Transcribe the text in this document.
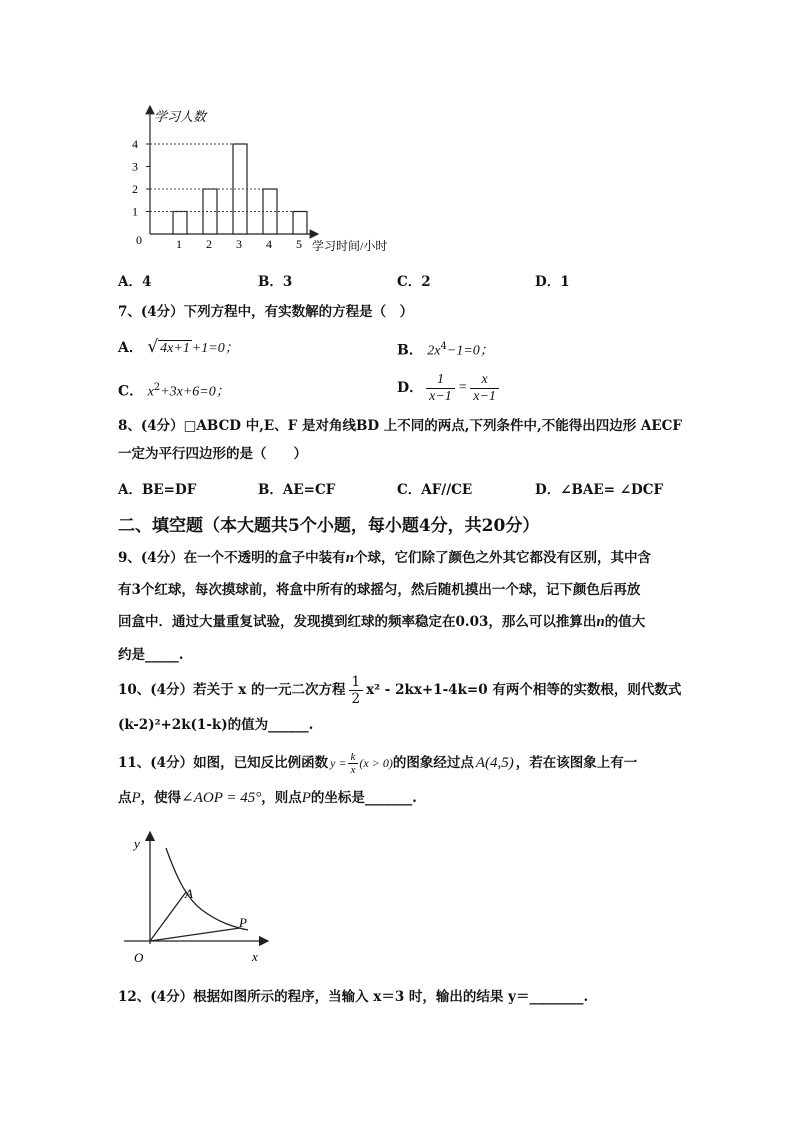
学习人数
学习时间/小时
0
1
2
3
4
1 2 3 4 5
A．4	B．3	C．2	D．1
7、(4分）下列方程中，有实数解的方程是（　）
A． √ 4x+1 +1=0；	B． $2x^4-1=0$；
C． $x^2+3x+6=0$；	D． $\frac{1}{x-1} = \frac{x}{x-1}$
8、(4分）□ABCD 中,E、F 是对角线BD 上不同的两点,下列条件中,不能得出四边形 AECF
一定为平行四边形的是（　　）
A．BE=DF	B．AE=CF	C．AF//CE	D．∠BAE= ∠DCF
二、填空题（本大题共5个小题，每小题4分，共20分）
9、(4分）在一个不透明的盒子中装有n个球，它们除了颜色之外其它都没有区别，其中含
有3个红球，每次摸球前，将盒中所有的球摇匀，然后随机摸出一个球，记下颜色后再放
回盒中．通过大量重复试验，发现摸到红球的频率稳定在0.03，那么可以推算出n的值大
约是_____.
10、(4分）若关于 x 的一元二次方程 $\frac{1}{2} x^2 - 2kx+1-4k=0$ 有两个相等的实数根，则代数式
(k-2)²+2k(1-k)的值为______.
11、(4分）如图，已知反比例函数 $y = \frac{k}{x} (x > 0)$ 的图象经过点 A(4,5) ，若在该图象上有一
点P，使得∠AOP = 45°，则点P的坐标是_______.
y
x
O
A
P
12、(4分）根据如图所示的程序，当输入 x＝3 时，输出的结果 y＝________.
